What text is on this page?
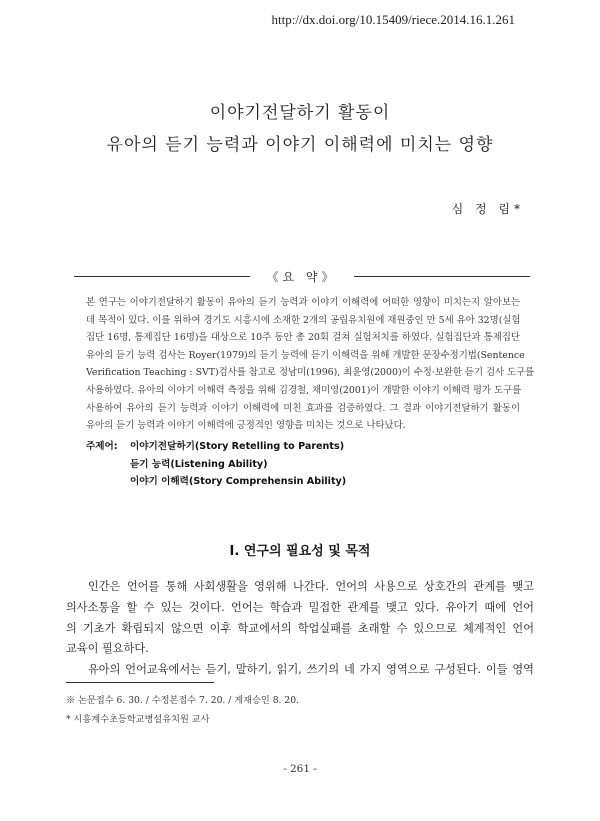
http://dx.doi.org/10.15409/riece.2014.16.1.261
이야기전달하기 활동이
유아의 듣기 능력과 이야기 이해력에 미치는 영향
심 정 림*
《요 약》
본 연구는 이야기전달하기 활동이 유아의 듣기 능력과 이야기 이해력에 어떠한 영향이 미치는지 알아보는
데 목적이 있다. 이를 위하여 경기도 시흥시에 소재한 2개의 공립유치원에 재원중인 만 5세 유아 32명(실험
집단 16명, 통제집단 16명)을 대상으로 10주 동안 총 20회 걸쳐 실험처치를 하였다. 실험집단과 통제집단
유아의 듣기 능력 검사는 Royer(1979)의 듣기 능력에 듣기 이해력을 위해 개발한 문장수정기법(Sentence
Verification Teaching : SVT)검사를 참고로 정남미(1996), 최윤영(2000)이 수정·보완한 듣기 검사 도구를
사용하였다. 유아의 이야기 이해력 측정을 위해 김경철, 채미영(2001)이 개발한 이야기 이해력 평가 도구를
사용하여 유아의 듣기 능력과 이야기 이해력에 미친 효과를 검증하였다. 그 결과 이야기전달하기 활동이
유아의 듣기 능력과 이야기 이해력에 긍정적인 영향을 미치는 것으로 나타났다.
주제어: 이야기전달하기(Story Retelling to Parents)
듣기 능력(Listening Ability)
이야기 이해력(Story Comprehensin Ability)
Ⅰ. 연구의 필요성 및 목적
인간은 언어를 통해 사회생활을 영위해 나간다. 언어의 사용으로 상호간의 관계를 맺고
의사소통을 할 수 있는 것이다. 언어는 학습과 밀접한 관계를 맺고 있다. 유아기 때에 언어
의 기초가 확립되지 않으면 이후 학교에서의 학업실패를 초래할 수 있으므로 체계적인 언어
교육이 필요하다.
유아의 언어교육에서는 듣기, 말하기, 읽기, 쓰기의 네 가지 영역으로 구성된다. 이들 영역
※ 논문접수 6. 30. / 수정본접수 7. 20. / 게재승인 8. 20.
* 시흥계수초등학교병설유치원 교사
- 261 -
